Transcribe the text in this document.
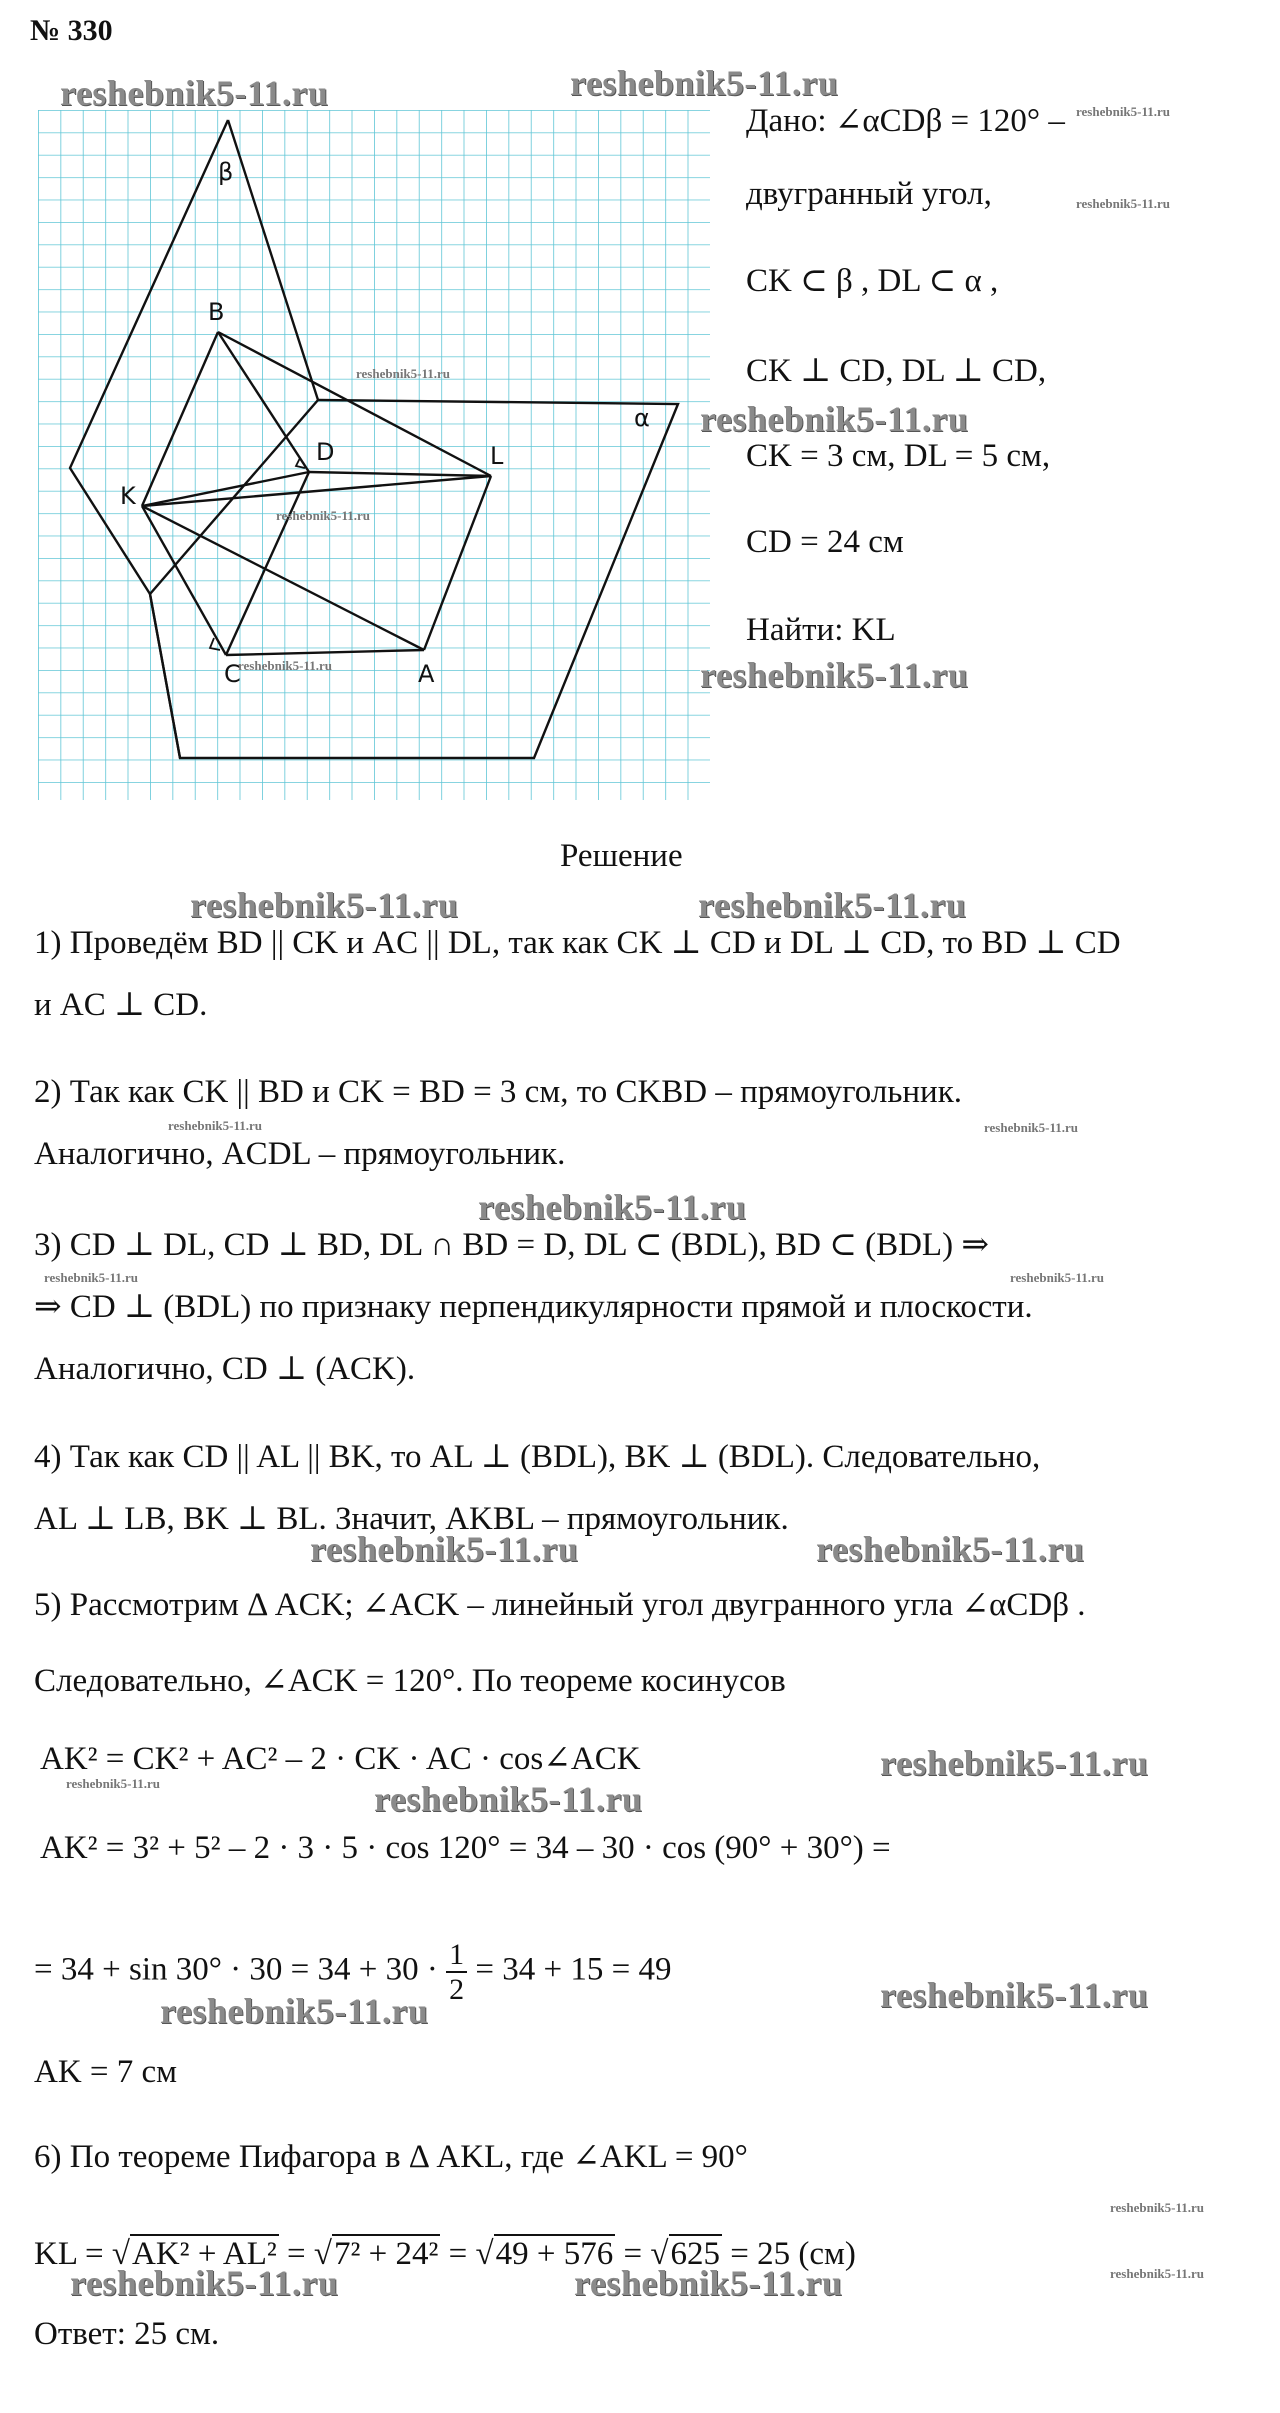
№ 330
β
α
B
D	L
K
C	A
Дано: ∠αCDβ = 120° –
двугранный угол,
CK ⊂ β , DL ⊂ α ,
CK ⊥ CD, DL ⊥ CD,
CK = 3 см, DL = 5 см,
CD = 24 см
Найти: KL
Решение
1) Проведём BD || CK и AC || DL, так как CK ⊥ CD и DL ⊥ CD, то BD ⊥ CD
и AC ⊥ CD.
2) Так как CK || BD и CK = BD = 3 см, то CKBD – прямоугольник.
Аналогично, ACDL – прямоугольник.
3) CD ⊥ DL, CD ⊥ BD, DL ∩ BD = D, DL ⊂ (BDL), BD ⊂ (BDL) ⇒
⇒ CD ⊥ (BDL) по признаку перпендикулярности прямой и плоскости.
Аналогично, CD ⊥ (ACK).
4) Так как CD || AL || BK, то AL ⊥ (BDL), BK ⊥ (BDL). Следовательно,
AL ⊥ LB, BK ⊥ BL. Значит, AKBL – прямоугольник.
5) Рассмотрим Δ ACK; ∠ACK – линейный угол двугранного угла ∠αCDβ .
Следовательно, ∠ACK = 120°. По теореме косинусов
AK² = CK² + AC² – 2 · CK · AC · cos∠ACK
AK² = 3² + 5² – 2 · 3 · 5 · cos 120° = 34 – 30 · cos (90° + 30°) =
= $34 + \sin 30^\circ \cdot 30 = 34 + 30 \cdot \frac{1}{2} = 34 + 15 = 49$
AK = 7 см
6) По теореме Пифагора в Δ AKL, где ∠AKL = 90°
KL = √AK² + AL² = √7² + 24² = √49 + 576 = √625 = 25 (см)
Ответ: 25 см.
reshebnik5-11.ru	reshebnik5-11.ru
reshebnik5-11.ru
reshebnik5-11.ru
reshebnik5-11.ru	reshebnik5-11.ru
reshebnik5-11.ru
reshebnik5-11.ru	reshebnik5-11.ru
reshebnik5-11.ru
reshebnik5-11.ru
reshebnik5-11.ru	reshebnik5-11.ru
reshebnik5-11.ru	reshebnik5-11.ru
reshebnik5-11.ru
reshebnik5-11.ru
reshebnik5-11.ru
reshebnik5-11.ru
reshebnik5-11.ru
reshebnik5-11.ru	reshebnik5-11.ru
reshebnik5-11.ru	reshebnik5-11.ru
reshebnik5-11.ru
reshebnik5-11.ru
reshebnik5-11.ru
